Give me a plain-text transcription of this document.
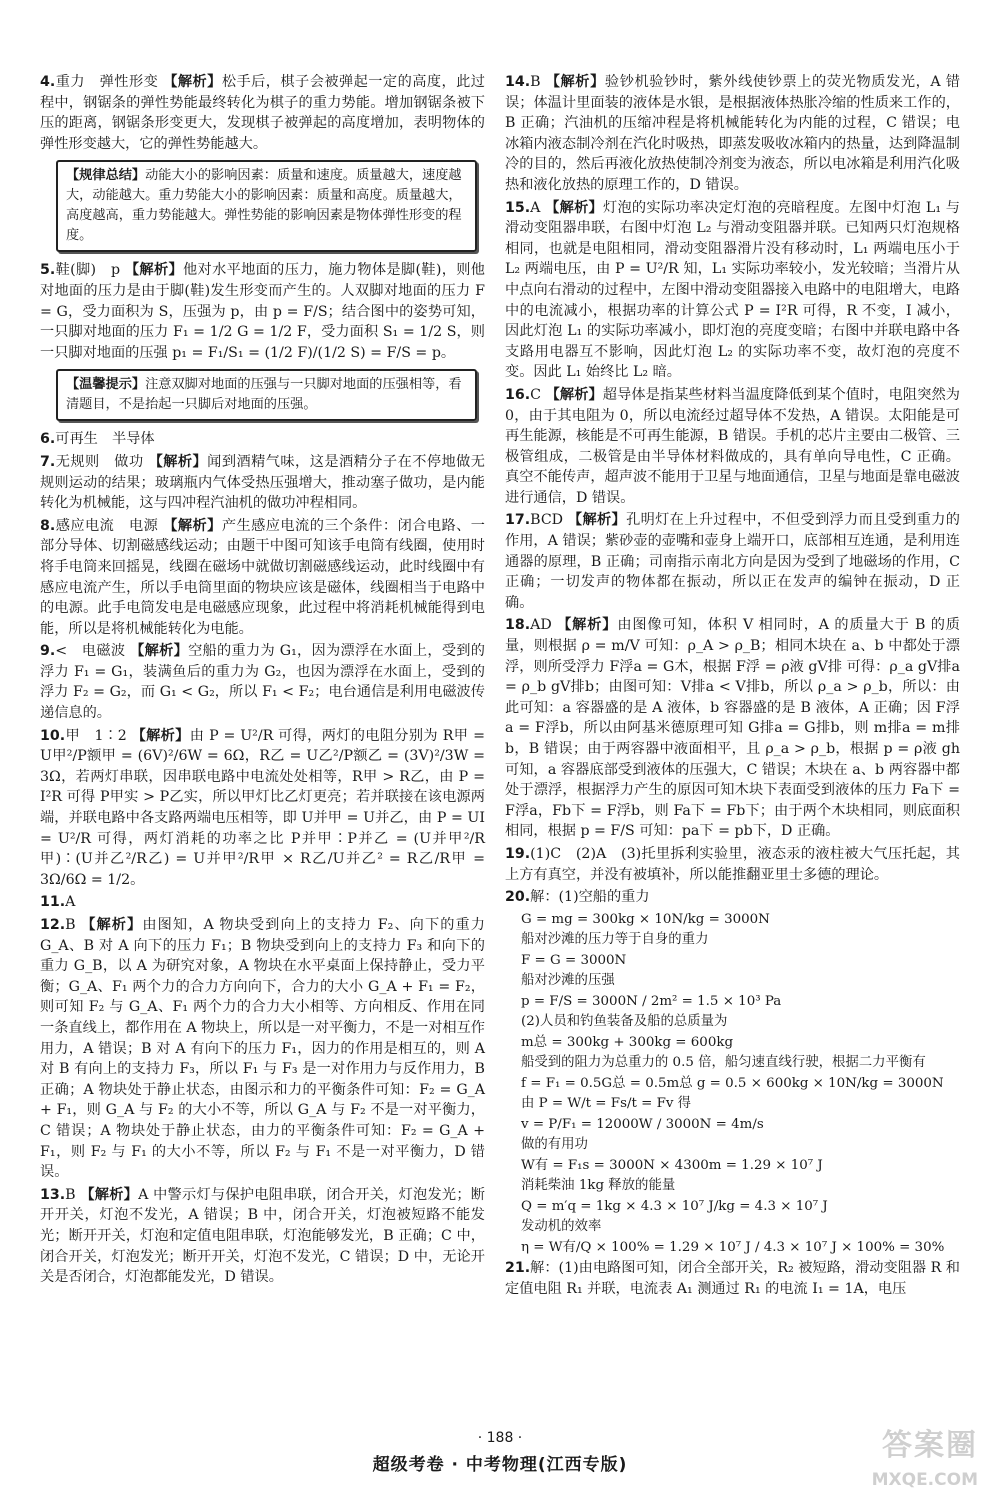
4.重力　弹性形变 【解析】松手后，棋子会被弹起一定的高度，此过程中，钢锯条的弹性势能最终转化为棋子的重力势能。增加钢锯条被下压的距离，钢锯条形变更大，发现棋子被弹起的高度增加，表明物体的弹性形变越大，它的弹性势能越大。
【规律总结】动能大小的影响因素：质量和速度。质量越大，速度越大，动能越大。重力势能大小的影响因素：质量和高度。质量越大，高度越高，重力势能越大。弹性势能的影响因素是物体弹性形变的程度。
5.鞋(脚)　p 【解析】他对水平地面的压力，施力物体是脚(鞋)，则他对地面的压力是由于脚(鞋)发生形变而产生的。人双脚对地面的压力 F = G，受力面积为 S，压强为 p，由 p = F/S；结合图中的姿势可知，一只脚对地面的压力 F₁ = 1/2 G = 1/2 F，受力面积 S₁ = 1/2 S，则一只脚对地面的压强 p₁ = F₁/S₁ = (1/2 F)/(1/2 S) = F/S = p。
【温馨提示】注意双脚对地面的压强与一只脚对地面的压强相等，看清题目，不是抬起一只脚后对地面的压强。
6.可再生　半导体
7.无规则　做功 【解析】闻到酒精气味，这是酒精分子在不停地做无规则运动的结果；玻璃瓶内气体受热压强增大，推动塞子做功，是内能转化为机械能，这与四冲程汽油机的做功冲程相同。
8.感应电流　电源 【解析】产生感应电流的三个条件：闭合电路、一部分导体、切割磁感线运动；由题干中图可知该手电筒有线圈，使用时将手电筒来回摇晃，线圈在磁场中就做切割磁感线运动，此时线圈中有感应电流产生，所以手电筒里面的物块应该是磁体，线圈相当于电路中的电源。此手电筒发电是电磁感应现象，此过程中将消耗机械能得到电能，所以是将机械能转化为电能。
9.<　电磁波 【解析】空船的重力为 G₁，因为漂浮在水面上，受到的浮力 F₁ = G₁，装满鱼后的重力为 G₂，也因为漂浮在水面上，受到的浮力 F₂ = G₂，而 G₁ < G₂，所以 F₁ < F₂；电台通信是利用电磁波传递信息的。
10.甲　1∶2 【解析】由 P = U²/R 可得，两灯的电阻分别为 R甲 = U甲²/P额甲 = (6V)²/6W = 6Ω，R乙 = U乙²/P额乙 = (3V)²/3W = 3Ω，若两灯串联，因串联电路中电流处处相等，R甲 > R乙，由 P = I²R 可得 P甲实 > P乙实，所以甲灯比乙灯更亮；若并联接在该电源两端，并联电路中各支路两端电压相等，即 U并甲 = U并乙，由 P = UI = U²/R 可得，两灯消耗的功率之比 P并甲∶P并乙 = (U并甲²/R甲)∶(U并乙²/R乙) = U并甲²/R甲 × R乙/U并乙² = R乙/R甲 = 3Ω/6Ω = 1/2。
11.A
12.B 【解析】由图知，A 物块受到向上的支持力 F₂、向下的重力 G_A、B 对 A 向下的压力 F₁；B 物块受到向上的支持力 F₃ 和向下的重力 G_B，以 A 为研究对象，A 物块在水平桌面上保持静止，受力平衡；G_A、F₁ 两个力的合力方向向下，合力的大小 G_A + F₁ = F₂，则可知 F₂ 与 G_A、F₁ 两个力的合力大小相等、方向相反、作用在同一条直线上，都作用在 A 物块上，所以是一对平衡力，不是一对相互作用力，A 错误；B 对 A 有向下的压力 F₁，因力的作用是相互的，则 A 对 B 有向上的支持力 F₃，所以 F₁ 与 F₃ 是一对作用力与反作用力，B 正确；A 物块处于静止状态，由图示和力的平衡条件可知：F₂ = G_A + F₁，则 G_A 与 F₂ 的大小不等，所以 G_A 与 F₂ 不是一对平衡力，C 错误；A 物块处于静止状态，由力的平衡条件可知：F₂ = G_A + F₁，则 F₂ 与 F₁ 的大小不等，所以 F₂ 与 F₁ 不是一对平衡力，D 错误。
13.B 【解析】A 中警示灯与保护电阻串联，闭合开关，灯泡发光；断开开关，灯泡不发光，A 错误；B 中，闭合开关，灯泡被短路不能发光；断开开关，灯泡和定值电阻串联，灯泡能够发光，B 正确；C 中，闭合开关，灯泡发光；断开开关，灯泡不发光，C 错误；D 中，无论开关是否闭合，灯泡都能发光，D 错误。
14.B 【解析】验钞机验钞时，紫外线使钞票上的荧光物质发光，A 错误；体温计里面装的液体是水银，是根据液体热胀冷缩的性质来工作的，B 正确；汽油机的压缩冲程是将机械能转化为内能的过程，C 错误；电冰箱内液态制冷剂在汽化时吸热，即蒸发吸收冰箱内的热量，达到降温制冷的目的，然后再液化放热使制冷剂变为液态，所以电冰箱是利用汽化吸热和液化放热的原理工作的，D 错误。
15.A 【解析】灯泡的实际功率决定灯泡的亮暗程度。左图中灯泡 L₁ 与滑动变阻器串联，右图中灯泡 L₂ 与滑动变阻器并联。已知两只灯泡规格相同，也就是电阻相同，滑动变阻器滑片没有移动时，L₁ 两端电压小于 L₂ 两端电压，由 P = U²/R 知，L₁ 实际功率较小，发光较暗；当滑片从中点向右滑动的过程中，左图中滑动变阻器接入电路中的电阻增大，电路中的电流减小，根据功率的计算公式 P = I²R 可得，R 不变，I 减小，因此灯泡 L₁ 的实际功率减小，即灯泡的亮度变暗；右图中并联电路中各支路用电器互不影响，因此灯泡 L₂ 的实际功率不变，故灯泡的亮度不变。因此 L₁ 始终比 L₂ 暗。
16.C 【解析】超导体是指某些材料当温度降低到某个值时，电阻突然为 0，由于其电阻为 0，所以电流经过超导体不发热，A 错误。太阳能是可再生能源，核能是不可再生能源，B 错误。手机的芯片主要由二极管、三极管组成，二极管是由半导体材料做成的，具有单向导电性，C 正确。真空不能传声，超声波不能用于卫星与地面通信，卫星与地面是靠电磁波进行通信，D 错误。
17.BCD 【解析】孔明灯在上升过程中，不但受到浮力而且受到重力的作用，A 错误；紫砂壶的壶嘴和壶身上端开口，底部相互连通，是利用连通器的原理，B 正确；司南指示南北方向是因为受到了地磁场的作用，C 正确；一切发声的物体都在振动，所以正在发声的编钟在振动，D 正确。
18.AD 【解析】由图像可知，体积 V 相同时，A 的质量大于 B 的质量，则根据 ρ = m/V 可知：ρ_A > ρ_B；相同木块在 a、b 中都处于漂浮，则所受浮力 F浮a = G木，根据 F浮 = ρ液 gV排 可得：ρ_a gV排a = ρ_b gV排b；由图可知：V排a < V排b，所以 ρ_a > ρ_b，所以：由此可知：a 容器盛的是 A 液体，b 容器盛的是 B 液体，A 正确；因 F浮a = F浮b，所以由阿基米德原理可知 G排a = G排b，则 m排a = m排b，B 错误；由于两容器中液面相平，且 ρ_a > ρ_b，根据 p = ρ液 gh 可知，a 容器底部受到液体的压强大，C 错误；木块在 a、b 两容器中都处于漂浮，根据浮力产生的原因可知木块下表面受到液体的压力 Fa下 = F浮a，Fb下 = F浮b，则 Fa下 = Fb下；由于两个木块相同，则底面积相同，根据 p = F/S 可知：pa下 = pb下，D 正确。
19.(1)C　(2)A　(3)托里拆利实验里，液态汞的液柱被大气压托起，其上方有真空，并没有被填补，所以能推翻亚里士多德的理论。
20.解：(1)空船的重力
G = mg = 300kg × 10N/kg = 3000N
船对沙滩的压力等于自身的重力
F = G = 3000N
船对沙滩的压强
p = F/S = 3000N / 2m² = 1.5 × 10³ Pa
(2)人员和钓鱼装备及船的总质量为
m总 = 300kg + 300kg = 600kg
船受到的阻力为总重力的 0.5 倍，船匀速直线行驶，根据二力平衡有
f = F₁ = 0.5G总 = 0.5m总 g = 0.5 × 600kg × 10N/kg = 3000N
由 P = W/t = Fs/t = Fv 得
v = P/F₁ = 12000W / 3000N = 4m/s
做的有用功
W有 = F₁s = 3000N × 4300m = 1.29 × 10⁷ J
消耗柴油 1kg 释放的能量
Q = m′q = 1kg × 4.3 × 10⁷ J/kg = 4.3 × 10⁷ J
发动机的效率
η = W有/Q × 100% = 1.29 × 10⁷ J / 4.3 × 10⁷ J × 100% = 30%
21.解：(1)由电路图可知，闭合全部开关，R₂ 被短路，滑动变阻器 R 和定值电阻 R₁ 并联，电流表 A₁ 测通过 R₁ 的电流 I₁ = 1A，电压
· 188 ·
超级考卷 · 中考物理(江西专版)
答案圈
MXQE.COM
